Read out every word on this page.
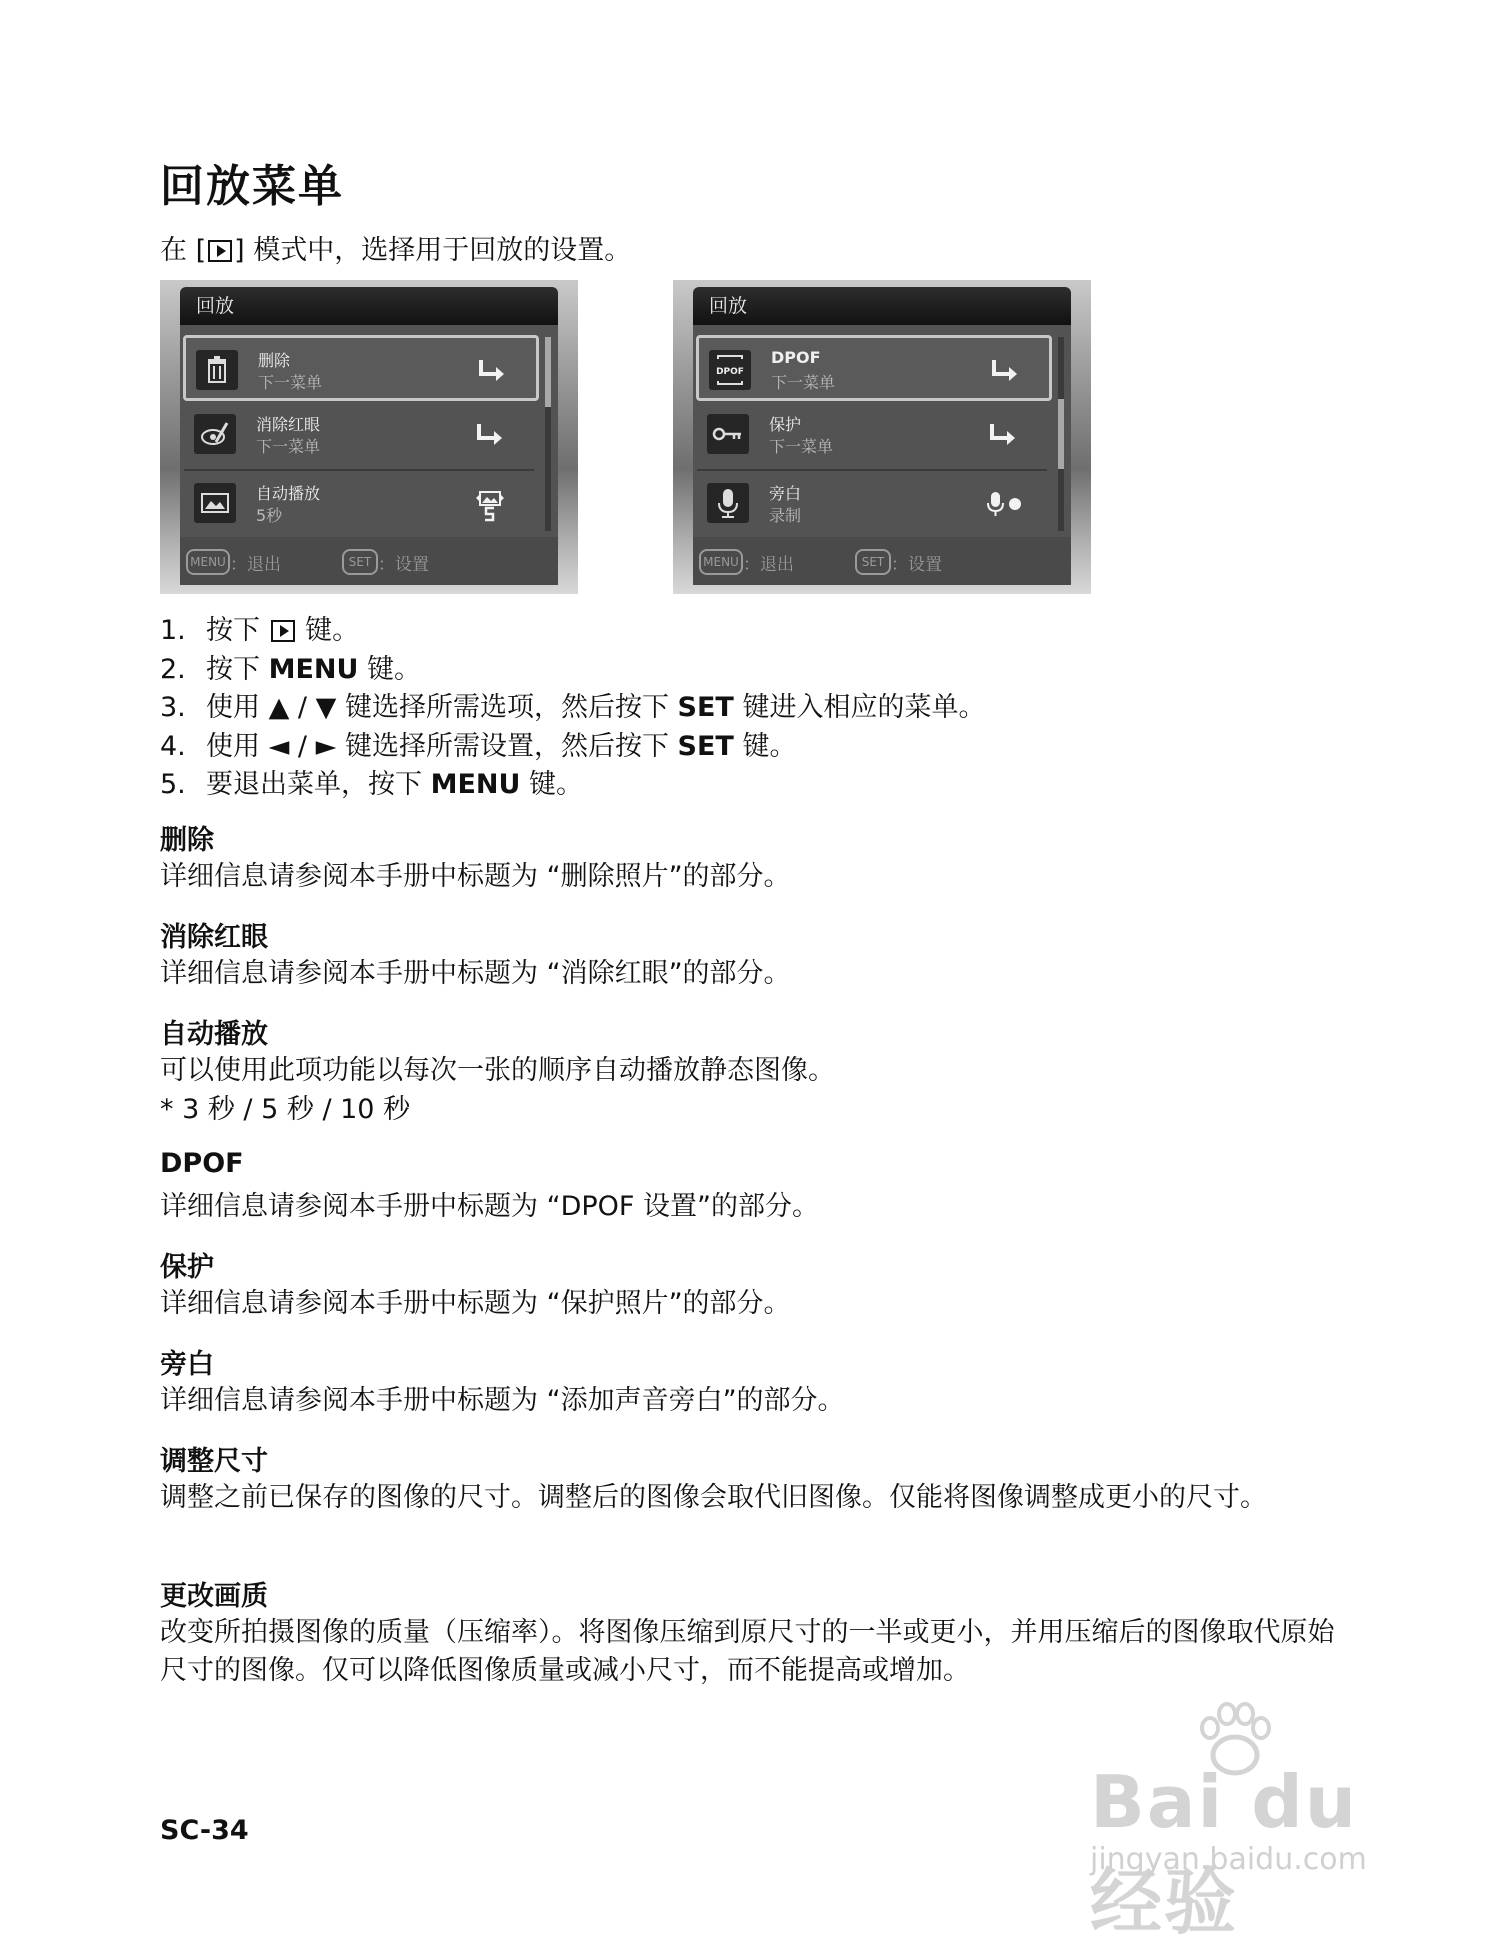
回放菜单
在 [ ] 模式中，选择用于回放的设置。
回放
删除
下一菜单
消除红眼
下一菜单
自动播放
5秒
MENU ：退出	SET ：设置
回放
DPOF
DPOF
下一菜单
保护
下一菜单
旁白
录制
MENU ：退出	SET ：设置
1. 按下  键。
2. 按下 MENU 键。
3. 使用 ▲ / ▼ 键选择所需选项，然后按下 SET 键进入相应的菜单。
4. 使用 ◄ / ► 键选择所需设置，然后按下 SET 键。
5. 要退出菜单，按下 MENU 键。
删除
详细信息请参阅本手册中标题为 “删除照片”的部分。
消除红眼
详细信息请参阅本手册中标题为 “消除红眼”的部分。
自动播放
可以使用此项功能以每次一张的顺序自动播放静态图像。
* 3 秒 / 5 秒 / 10 秒
DPOF
详细信息请参阅本手册中标题为 “DPOF 设置”的部分。
保护
详细信息请参阅本手册中标题为 “保护照片”的部分。
旁白
详细信息请参阅本手册中标题为 “添加声音旁白”的部分。
调整尺寸
调整之前已保存的图像的尺寸。调整后的图像会取代旧图像。仅能将图像调整成更小的尺寸。
更改画质
改变所拍摄图像的质量（压缩率）。将图像压缩到原尺寸的一半或更小，并用压缩后的图像取代原始尺寸的图像。仅可以降低图像质量或减小尺寸，而不能提高或增加。
SC-34	Bai du 经验
jingyan.baidu.com
